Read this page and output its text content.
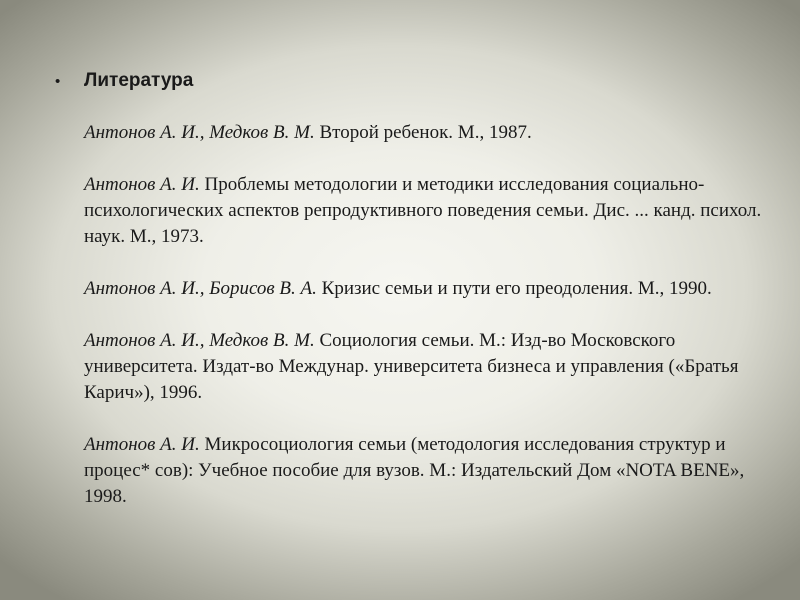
• Литература

Антонов А. И., Медков В. М. Второй ребенок. М., 1987.

Антонов А. И. Проблемы методологии и методики исследования социально-психологических аспектов репродуктивного поведения семьи. Дис. ... канд. психол. наук. М., 1973.

Антонов А. И., Борисов В. А. Кризис семьи и пути его преодоления. М., 1990.

Антонов А. И., Медков В. М. Социология семьи. М.: Изд-во Московского университета. Издат-во Междунар. университета бизнеса и управления («Братья Карич»), 1996.

Антонов А. И. Микросоциология семьи (методология исследования структур и процес* сов): Учебное пособие для вузов. М.: Издательский Дом «NOTA BENE», 1998.
